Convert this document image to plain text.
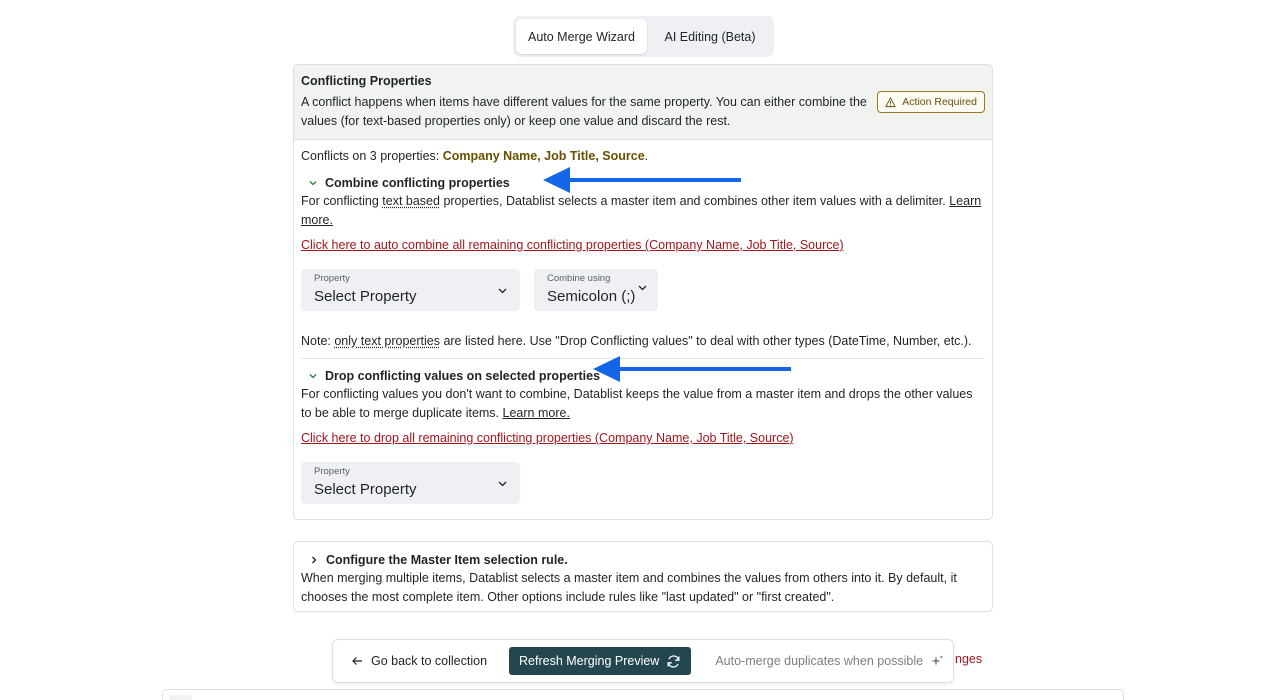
Auto Merge Wizard	AI Editing (Beta)
Conflicting Properties
A conflict happens when items have different values for the same property. You can either combine the values (for text-based properties only) or keep one value and discard the rest.
Action Required
Conflicts on 3 properties: Company Name, Job Title, Source.
Combine conflicting properties
For conflicting text based properties, Datablist selects a master item and combines other item values with a delimiter. Learn more.
Click here to auto combine all remaining conflicting properties (Company Name, Job Title, Source)
Property
Select Property
Combine using
Semicolon (;)
Note: only text properties are listed here. Use "Drop Conflicting values" to deal with other types (DateTime, Number, etc.).
Drop conflicting values on selected properties
For conflicting values you don't want to combine, Datablist keeps the value from a master item and drops the other values to be able to merge duplicate items. Learn more.
Click here to drop all remaining conflicting properties (Company Name, Job Title, Source)
Property
Select Property
Configure the Master Item selection rule.
When merging multiple items, Datablist selects a master item and combines the values from others into it. By default, it chooses the most complete item. Other options include rules like "last updated" or "first created".
nges
Go back to collection	Refresh Merging Preview	Auto-merge duplicates when possible
